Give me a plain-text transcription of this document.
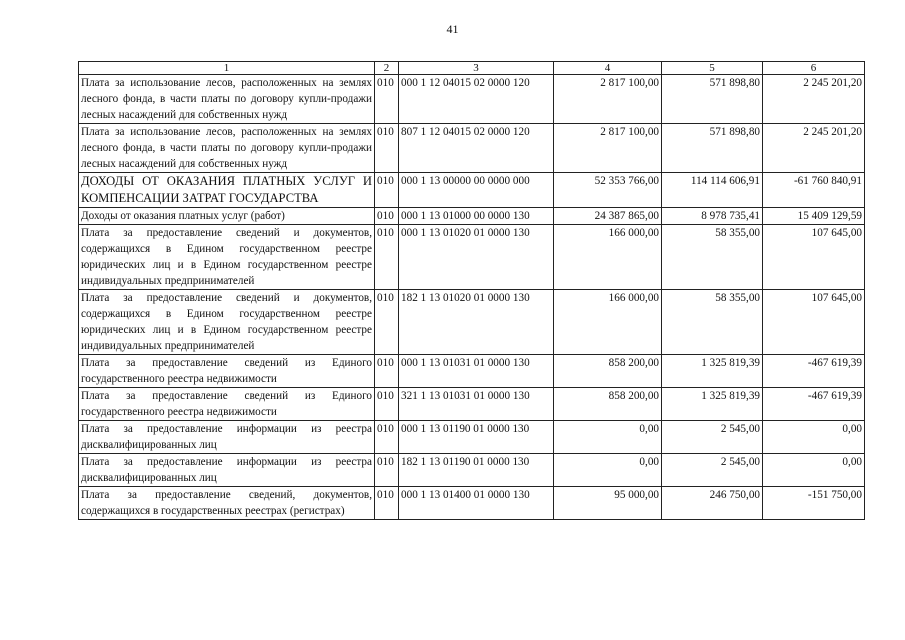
41
1	2	3	4	5	6
Плата за использование лесов, расположенных на землях лесного фонда, в части платы по договору купли-продажи лесных насаждений для собственных нужд	010	000 1 12 04015 02 0000 120	2 817 100,00	571 898,80	2 245 201,20
Плата за использование лесов, расположенных на землях лесного фонда, в части платы по договору купли-продажи лесных насаждений для собственных нужд	010	807 1 12 04015 02 0000 120	2 817 100,00	571 898,80	2 245 201,20
ДОХОДЫ ОТ ОКАЗАНИЯ ПЛАТНЫХ УСЛУГ И КОМПЕНСАЦИИ ЗАТРАТ ГОСУДАРСТВА	010	000 1 13 00000 00 0000 000	52 353 766,00	114 114 606,91	-61 760 840,91
Доходы от оказания платных услуг (работ)	010	000 1 13 01000 00 0000 130	24 387 865,00	8 978 735,41	15 409 129,59
Плата за предоставление сведений и документов, содержащихся в Едином государственном реестре юридических лиц и в Едином государственном реестре индивидуальных предпринимателей	010	000 1 13 01020 01 0000 130	166 000,00	58 355,00	107 645,00
Плата за предоставление сведений и документов, содержащихся в Едином государственном реестре юридических лиц и в Едином государственном реестре индивидуальных предпринимателей	010	182 1 13 01020 01 0000 130	166 000,00	58 355,00	107 645,00
Плата за предоставление сведений из Единого государственного реестра недвижимости	010	000 1 13 01031 01 0000 130	858 200,00	1 325 819,39	-467 619,39
Плата за предоставление сведений из Единого государственного реестра недвижимости	010	321 1 13 01031 01 0000 130	858 200,00	1 325 819,39	-467 619,39
Плата за предоставление информации из реестра дисквалифицированных лиц	010	000 1 13 01190 01 0000 130	0,00	2 545,00	0,00
Плата за предоставление информации из реестра дисквалифицированных лиц	010	182 1 13 01190 01 0000 130	0,00	2 545,00	0,00
Плата за предоставление сведений, документов, содержащихся в государственных реестрах (регистрах)	010	000 1 13 01400 01 0000 130	95 000,00	246 750,00	-151 750,00
